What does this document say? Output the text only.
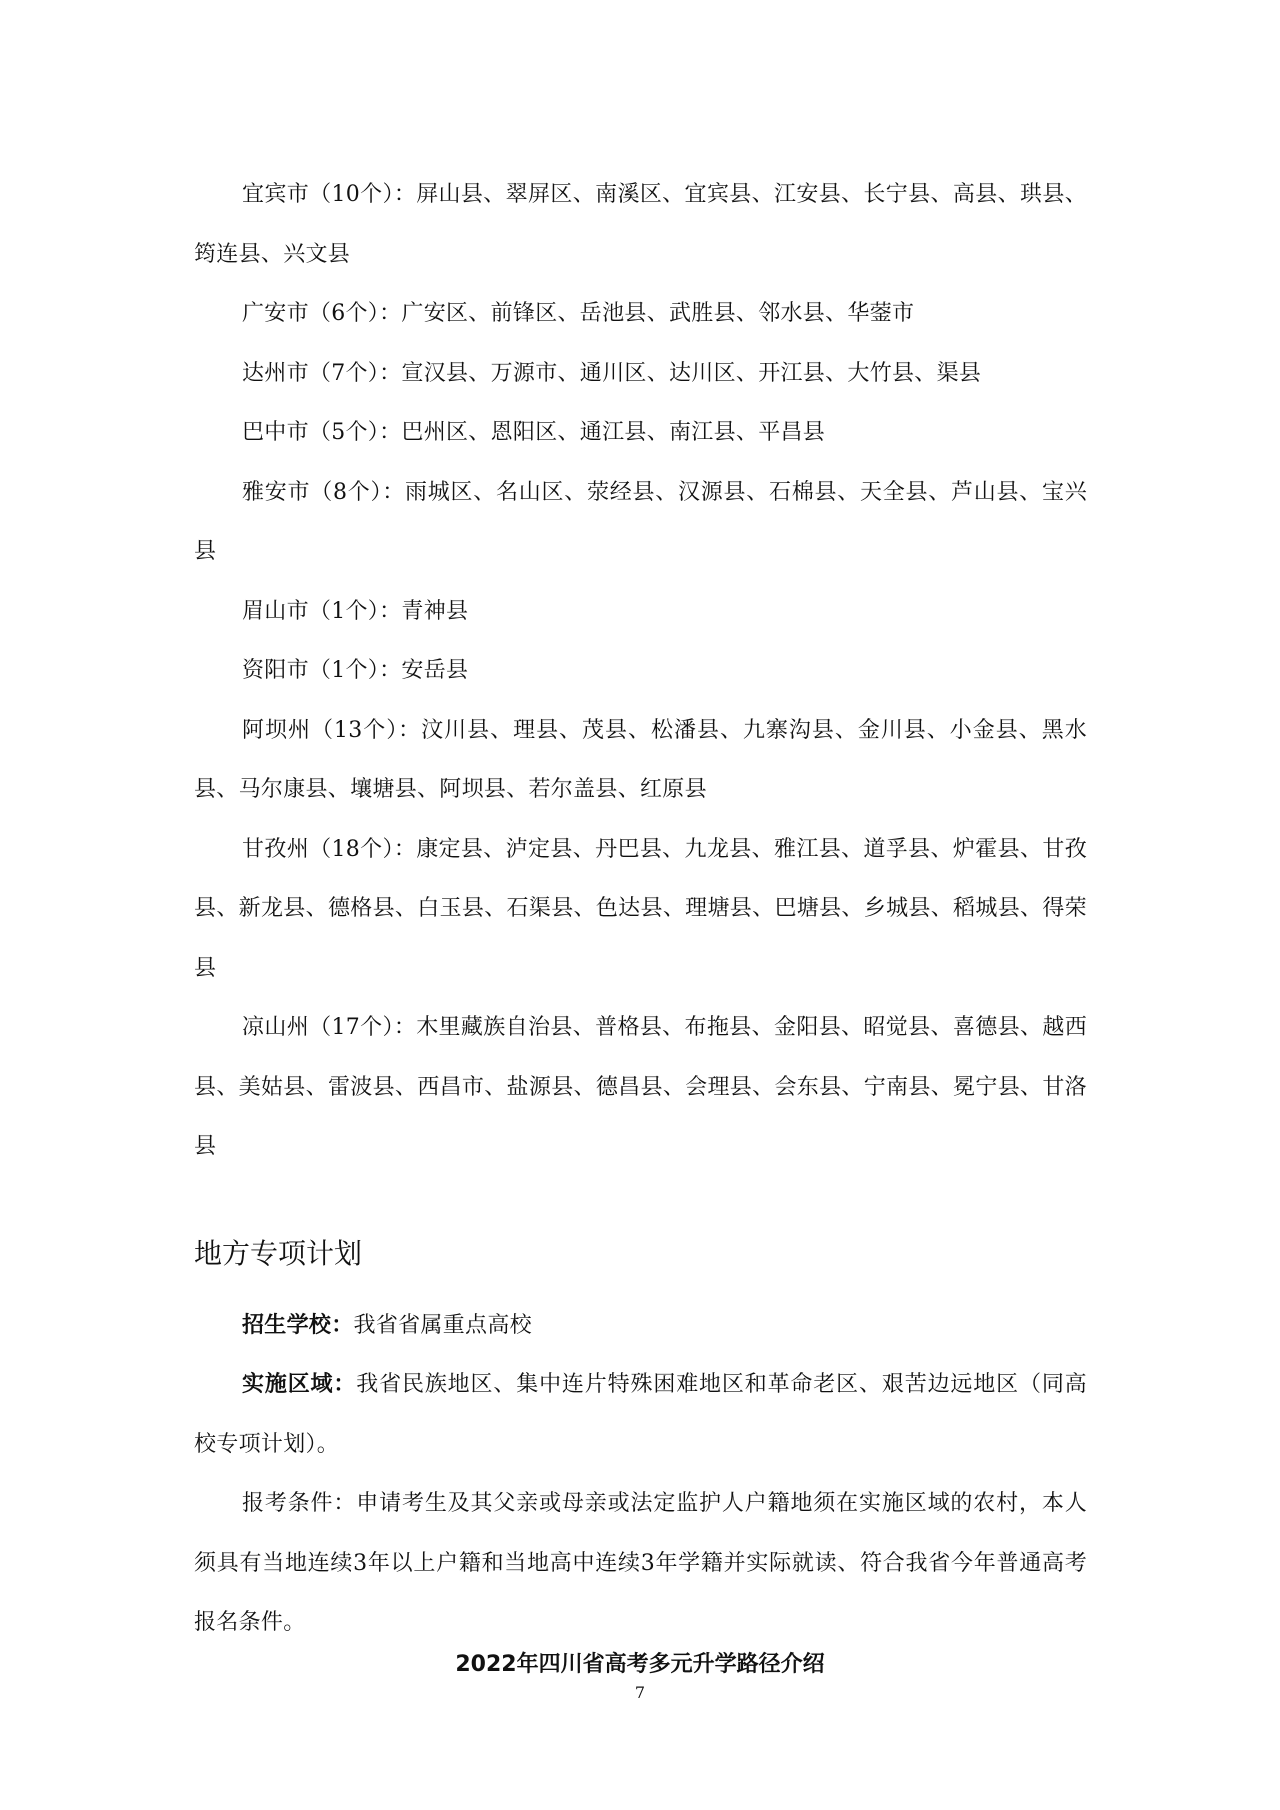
宜宾市（10个）：屏山县、翠屏区、南溪区、宜宾县、江安县、长宁县、高县、珙县、筠连县、兴文县

广安市（6个）：广安区、前锋区、岳池县、武胜县、邻水县、华蓥市

达州市（7个）：宣汉县、万源市、通川区、达川区、开江县、大竹县、渠县

巴中市（5个）：巴州区、恩阳区、通江县、南江县、平昌县

雅安市（8个）：雨城区、名山区、荥经县、汉源县、石棉县、天全县、芦山县、宝兴县

眉山市（1个）：青神县

资阳市（1个）：安岳县

阿坝州（13个）：汶川县、理县、茂县、松潘县、九寨沟县、金川县、小金县、黑水县、马尔康县、壤塘县、阿坝县、若尔盖县、红原县

甘孜州（18个）：康定县、泸定县、丹巴县、九龙县、雅江县、道孚县、炉霍县、甘孜县、新龙县、德格县、白玉县、石渠县、色达县、理塘县、巴塘县、乡城县、稻城县、得荣县

凉山州（17个）：木里藏族自治县、普格县、布拖县、金阳县、昭觉县、喜德县、越西县、美姑县、雷波县、西昌市、盐源县、德昌县、会理县、会东县、宁南县、冕宁县、甘洛县

地方专项计划

招生学校：我省省属重点高校

实施区域：我省民族地区、集中连片特殊困难地区和革命老区、艰苦边远地区（同高校专项计划）。

报考条件：申请考生及其父亲或母亲或法定监护人户籍地须在实施区域的农村，本人须具有当地连续3年以上户籍和当地高中连续3年学籍并实际就读、符合我省今年普通高考报名条件。

2022年四川省高考多元升学路径介绍
7
